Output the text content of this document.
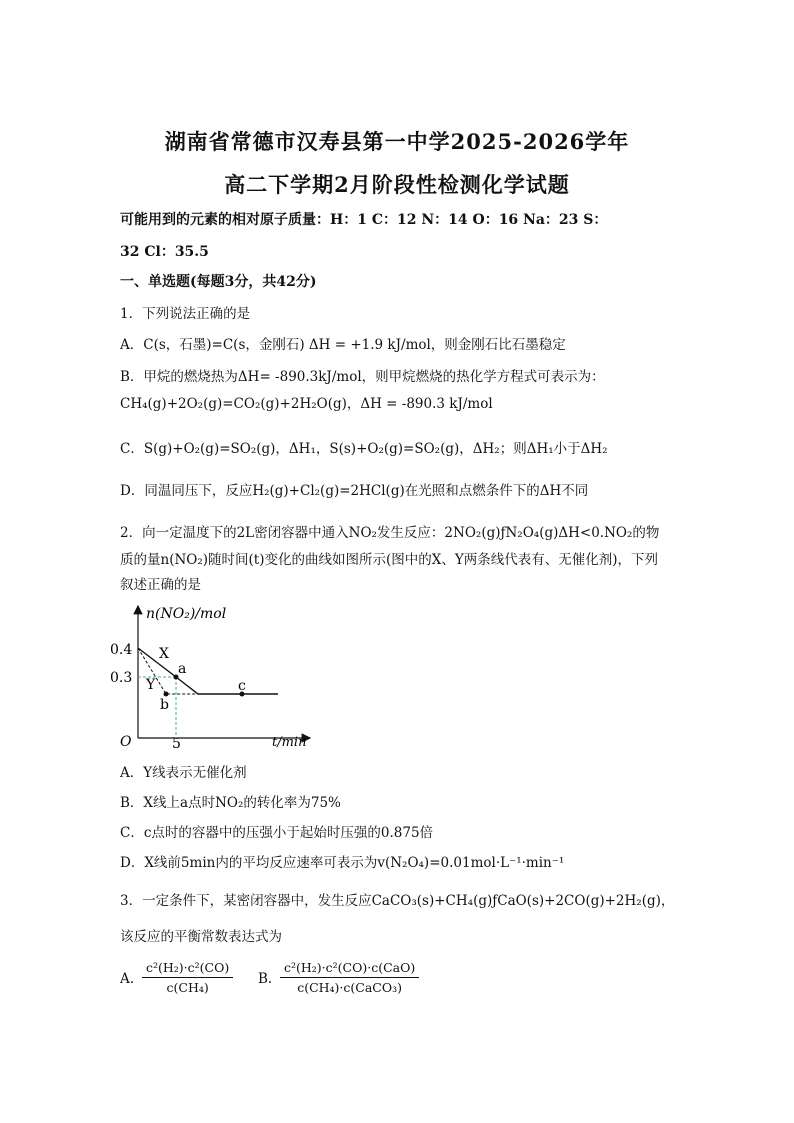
湖南省常德市汉寿县第一中学2025-2026学年
高二下学期2月阶段性检测化学试题
可能用到的元素的相对原子质量：H：1 C：12 N：14 O：16 Na：23 S：
32 Cl：35.5
一、单选题(每题3分，共42分)
1．下列说法正确的是
A．C(s，石墨)=C(s，金刚石) ΔH = +1.9 kJ/mol，则金刚石比石墨稳定
B．甲烷的燃烧热为ΔH= -890.3kJ/mol，则甲烷燃烧的热化学方程式可表示为：
CH₄(g)+2O₂(g)=CO₂(g)+2H₂O(g)，ΔH = -890.3 kJ/mol
C．S(g)+O₂(g)=SO₂(g)，ΔH₁，S(s)+O₂(g)=SO₂(g)，ΔH₂；则ΔH₁小于ΔH₂
D．同温同压下，反应H₂(g)+Cl₂(g)=2HCl(g)在光照和点燃条件下的ΔH不同
2．向一定温度下的2L密闭容器中通入NO₂发生反应：2NO₂(g)ƒN₂O₄(g)ΔH<0.NO₂的物
质的量n(NO₂)随时间(t)变化的曲线如图所示(图中的X、Y两条线代表有、无催化剂)，下列
叙述正确的是
n(NO₂)/mol
t/min
O
0.4
0.3
5
X
Y
a
b
c
A．Y线表示无催化剂
B．X线上a点时NO₂的转化率为75%
C．c点时的容器中的压强小于起始时压强的0.875倍
D．X线前5min内的平均反应速率可表示为v(N₂O₄)=0.01mol·L⁻¹·min⁻¹
3．一定条件下，某密闭容器中，发生反应CaCO₃(s)+CH₄(g)ƒCaO(s)+2CO(g)+2H₂(g)，
该反应的平衡常数表达式为
A. $\frac{\text{c²(H₂)·c²(CO)}}{\text{c(CH₄)}} B$.
c²(H₂)·c²(CO)·c(CaO)
c(CH₄)·c(CaCO₃)
